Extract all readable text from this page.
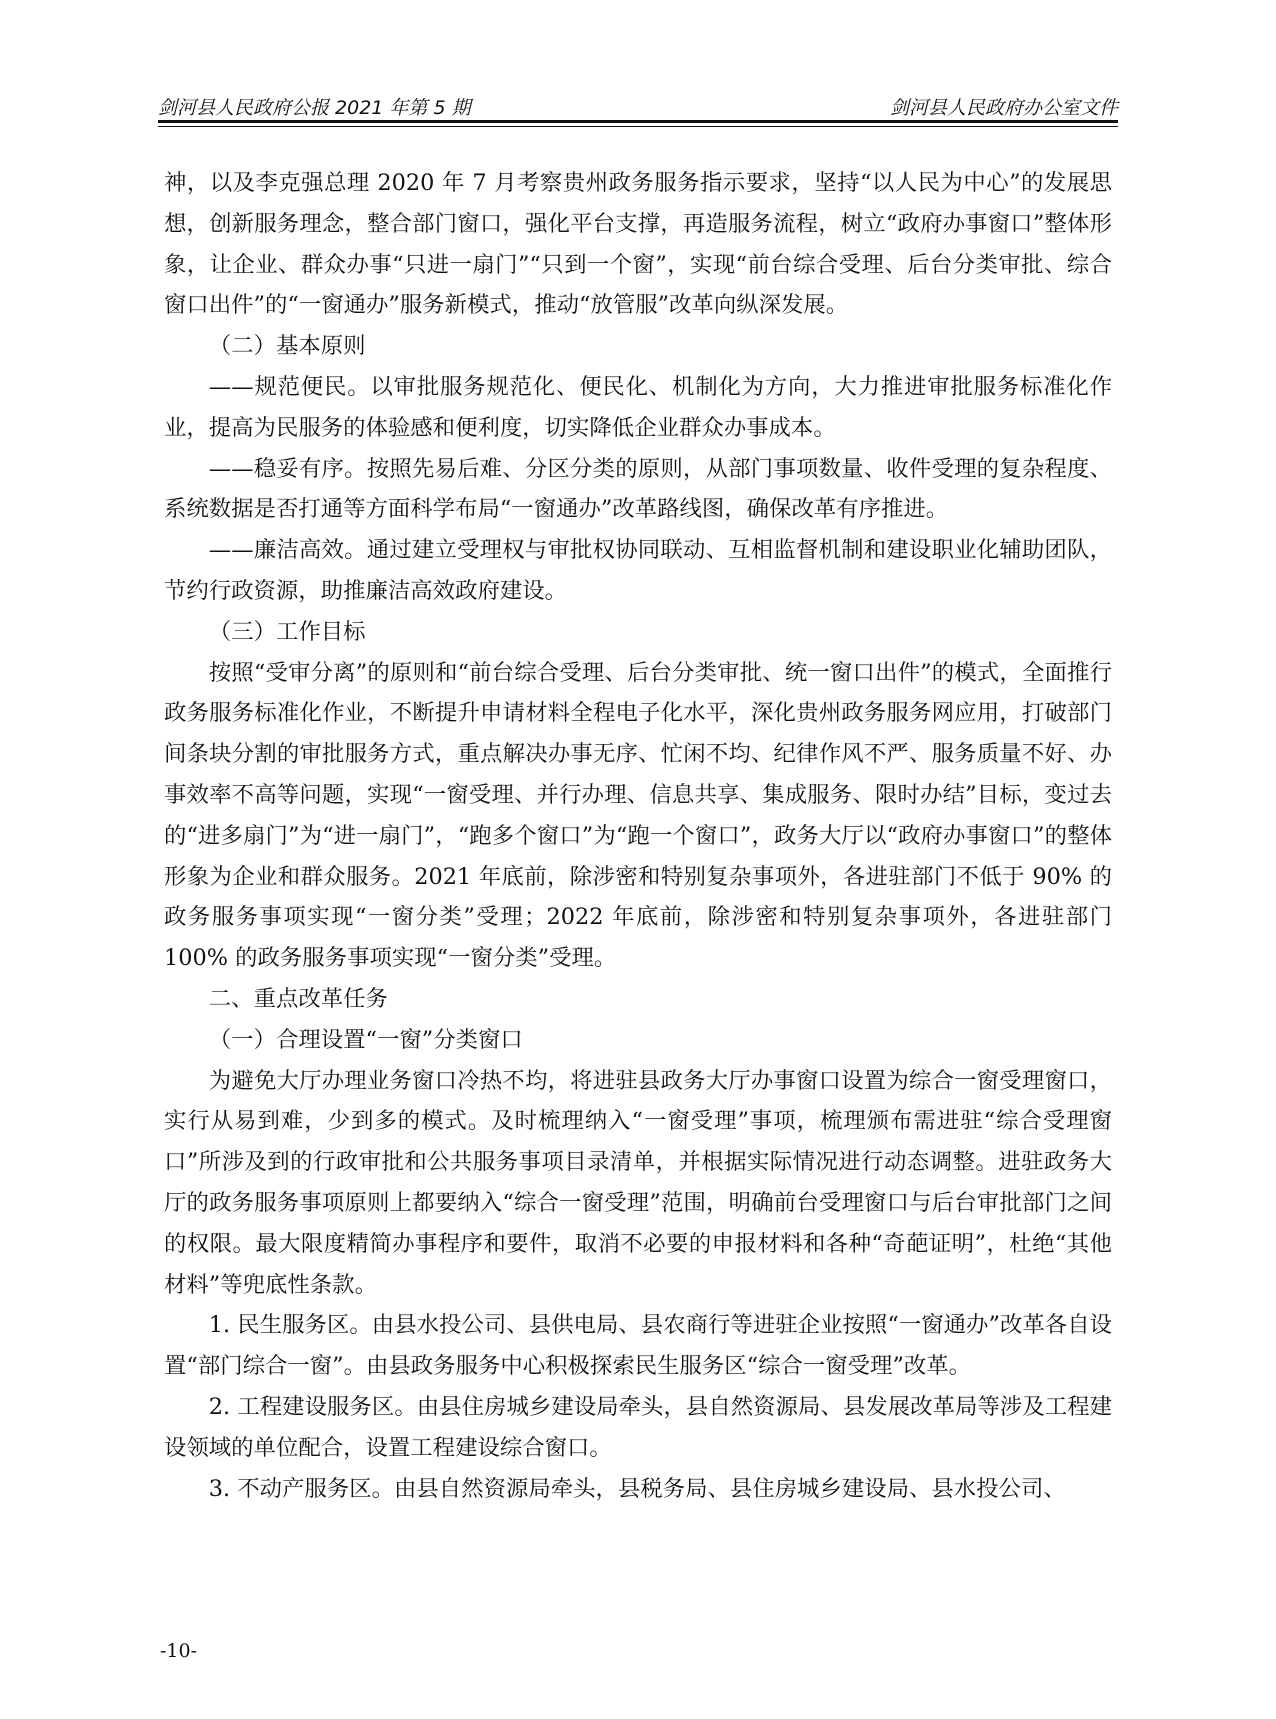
剑河县人民政府公报 2021 年第 5 期	剑河县人民政府办公室文件

神，以及李克强总理 2020 年 7 月考察贵州政务服务指示要求，坚持“以人民为中心”的发展思想，创新服务理念，整合部门窗口，强化平台支撑，再造服务流程，树立“政府办事窗口”整体形象，让企业、群众办事“只进一扇门”“只到一个窗”，实现“前台综合受理、后台分类审批、综合窗口出件”的“一窗通办”服务新模式，推动“放管服”改革向纵深发展。

（二）基本原则

——规范便民。以审批服务规范化、便民化、机制化为方向，大力推进审批服务标准化作业，提高为民服务的体验感和便利度，切实降低企业群众办事成本。

——稳妥有序。按照先易后难、分区分类的原则，从部门事项数量、收件受理的复杂程度、系统数据是否打通等方面科学布局“一窗通办”改革路线图，确保改革有序推进。

——廉洁高效。通过建立受理权与审批权协同联动、互相监督机制和建设职业化辅助团队，节约行政资源，助推廉洁高效政府建设。

（三）工作目标

按照“受审分离”的原则和“前台综合受理、后台分类审批、统一窗口出件”的模式，全面推行政务服务标准化作业，不断提升申请材料全程电子化水平，深化贵州政务服务网应用，打破部门间条块分割的审批服务方式，重点解决办事无序、忙闲不均、纪律作风不严、服务质量不好、办事效率不高等问题，实现“一窗受理、并行办理、信息共享、集成服务、限时办结”目标，变过去的“进多扇门”为“进一扇门”，“跑多个窗口”为“跑一个窗口”，政务大厅以“政府办事窗口”的整体形象为企业和群众服务。2021 年底前，除涉密和特别复杂事项外，各进驻部门不低于 90% 的政务服务事项实现“一窗分类”受理；2022 年底前，除涉密和特别复杂事项外，各进驻部门 100% 的政务服务事项实现“一窗分类”受理。

二、重点改革任务

（一）合理设置“一窗”分类窗口

为避免大厅办理业务窗口冷热不均，将进驻县政务大厅办事窗口设置为综合一窗受理窗口，实行从易到难，少到多的模式。及时梳理纳入“一窗受理”事项，梳理颁布需进驻“综合受理窗口”所涉及到的行政审批和公共服务事项目录清单，并根据实际情况进行动态调整。进驻政务大厅的政务服务事项原则上都要纳入“综合一窗受理”范围，明确前台受理窗口与后台审批部门之间的权限。最大限度精简办事程序和要件，取消不必要的申报材料和各种“奇葩证明”，杜绝“其他材料”等兜底性条款。

1. 民生服务区。由县水投公司、县供电局、县农商行等进驻企业按照“一窗通办”改革各自设置“部门综合一窗”。由县政务服务中心积极探索民生服务区“综合一窗受理”改革。

2. 工程建设服务区。由县住房城乡建设局牵头，县自然资源局、县发展改革局等涉及工程建设领域的单位配合，设置工程建设综合窗口。

3. 不动产服务区。由县自然资源局牵头，县税务局、县住房城乡建设局、县水投公司、

-10-
